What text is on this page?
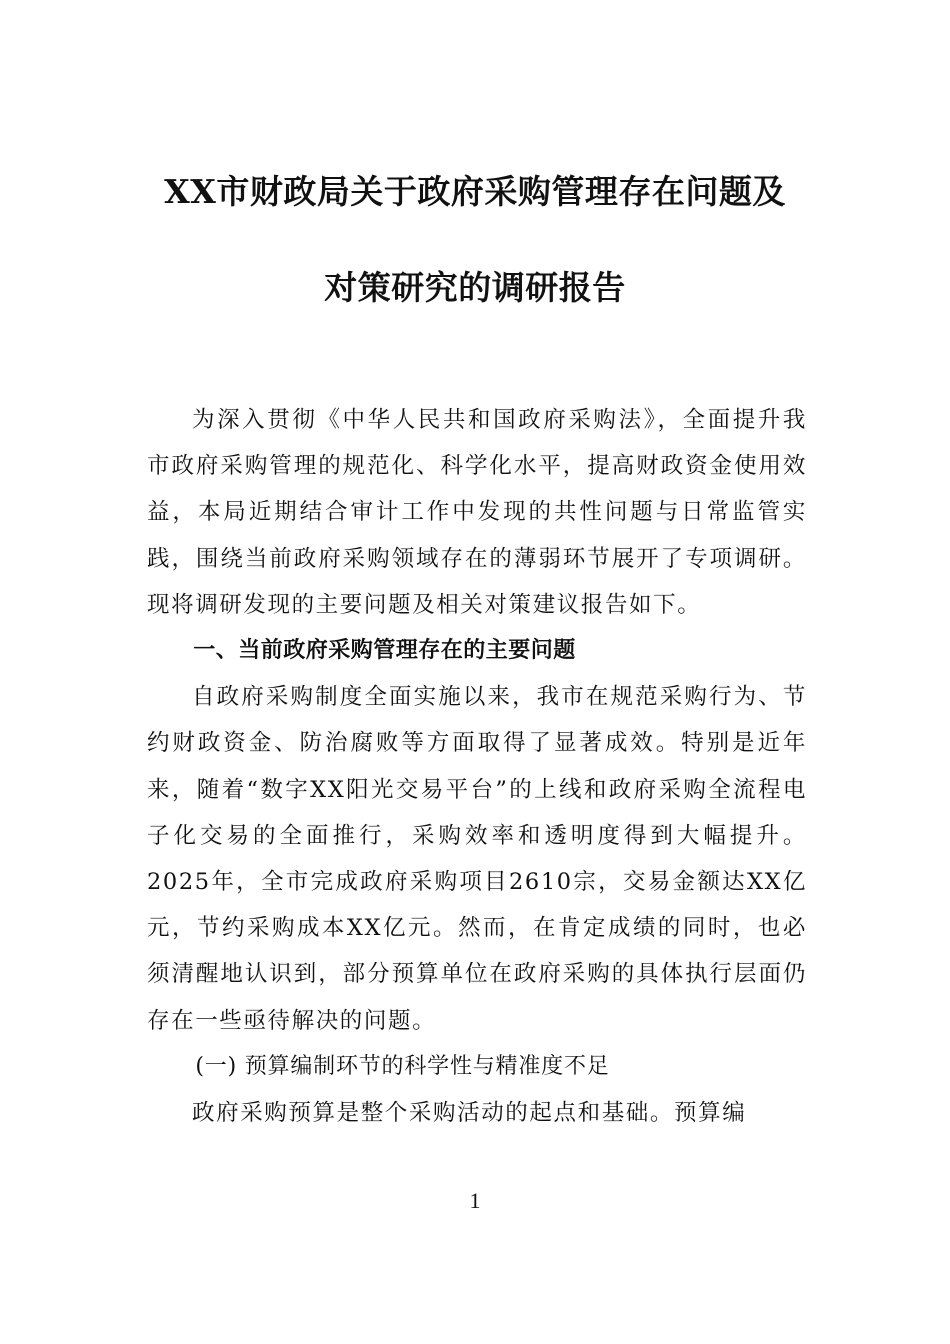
XX市财政局关于政府采购管理存在问题及
对策研究的调研报告

为深入贯彻《中华人民共和国政府采购法》，全面提升我市政府采购管理的规范化、科学化水平，提高财政资金使用效益，本局近期结合审计工作中发现的共性问题与日常监管实践，围绕当前政府采购领域存在的薄弱环节展开了专项调研。现将调研发现的主要问题及相关对策建议报告如下。

一、当前政府采购管理存在的主要问题

自政府采购制度全面实施以来，我市在规范采购行为、节约财政资金、防治腐败等方面取得了显著成效。特别是近年来，随着“数字XX阳光交易平台”的上线和政府采购全流程电子化交易的全面推行，采购效率和透明度得到大幅提升。2025年，全市完成政府采购项目2610宗，交易金额达XX亿元，节约采购成本XX亿元。然而，在肯定成绩的同时，也必须清醒地认识到，部分预算单位在政府采购的具体执行层面仍存在一些亟待解决的问题。

(一) 预算编制环节的科学性与精准度不足

政府采购预算是整个采购活动的起点和基础。预算编

1
